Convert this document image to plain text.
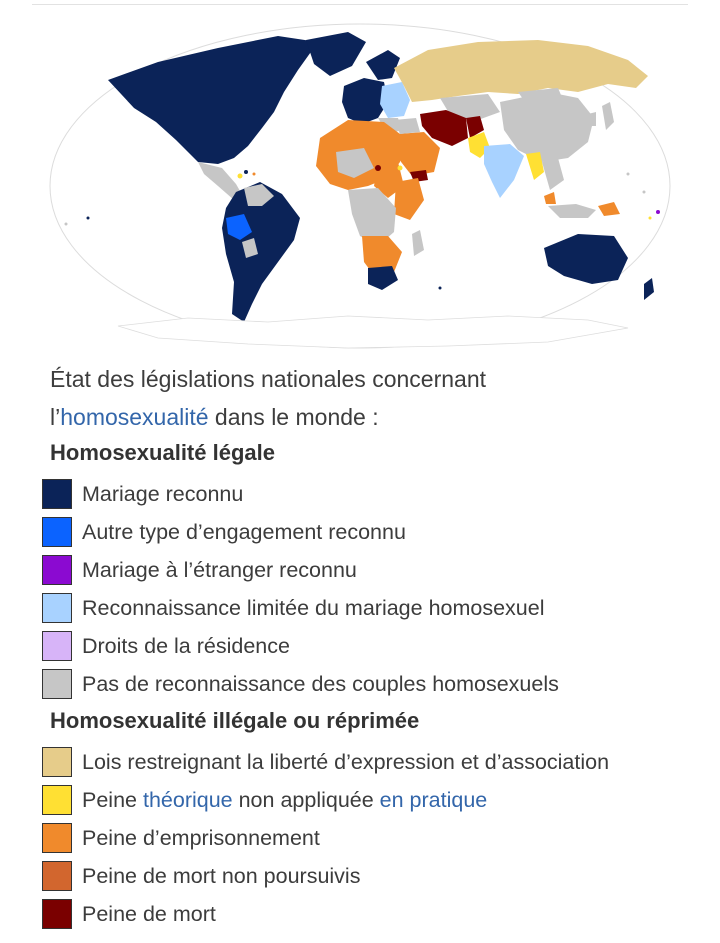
État des législations nationales concernant
l’homosexualité dans le monde :
Homosexualité légale
Mariage reconnu
Autre type d’engagement reconnu
Mariage à l’étranger reconnu
Reconnaissance limitée du mariage homosexuel
Droits de la résidence
Pas de reconnaissance des couples homosexuels
Homosexualité illégale ou réprimée
Lois restreignant la liberté d’expression et d’association
Peine théorique non appliquée en pratique
Peine d’emprisonnement
Peine de mort non poursuivis
Peine de mort
